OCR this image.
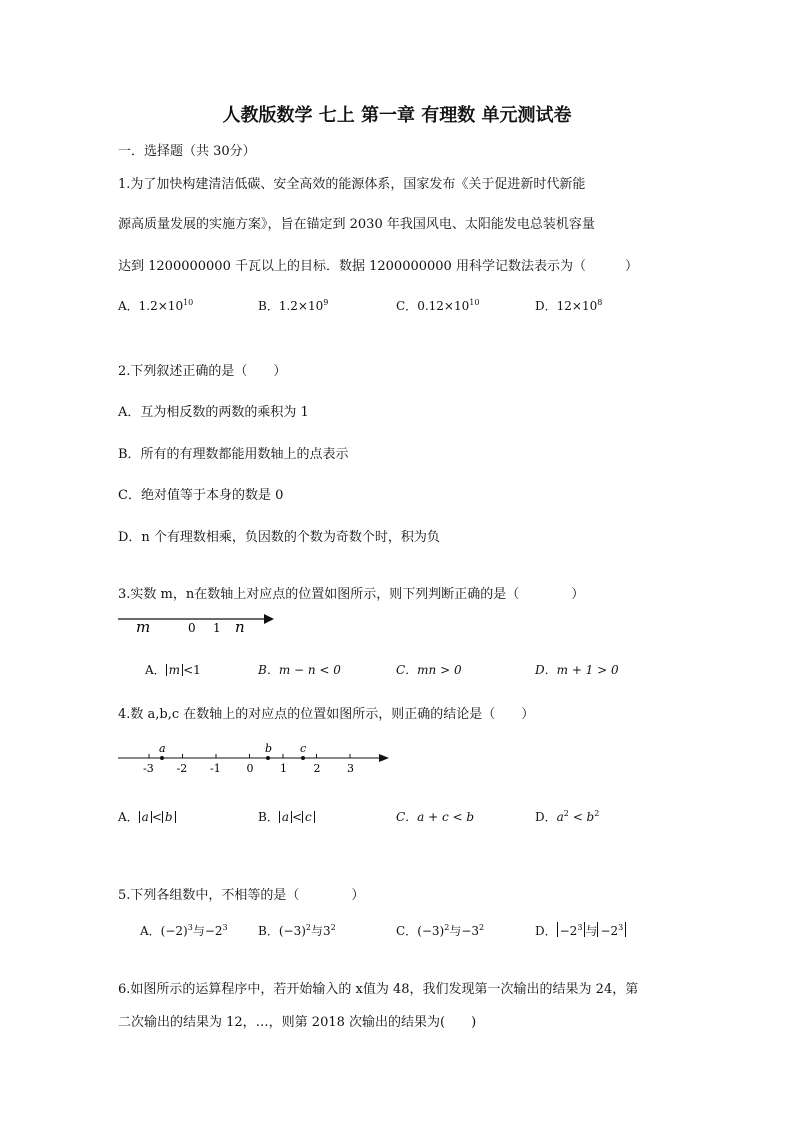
人教版数学 七上 第一章 有理数 单元测试卷
一．选择题（共 30分）
1.为了加快构建清洁低碳、安全高效的能源体系，国家发布《关于促进新时代新能
源高质量发展的实施方案》，旨在锚定到 2030 年我国风电、太阳能发电总装机容量
达到 1200000000 千瓦以上的目标．数据 1200000000 用科学记数法表示为（　　　）
A．$1.2\times 10^{10}$	B．$1.2\times 10^9$	C．$0.12\times 10^{10}$	D．$12\times 10^8$
2.下列叙述正确的是（　　）
A．互为相反数的两数的乘积为 1
B．所有的有理数都能用数轴上的点表示
C．绝对值等于本身的数是 0
D．n 个有理数相乘，负因数的个数为奇数个时，积为负
3.实数 m，n在数轴上对应点的位置如图所示，则下列判断正确的是（　　　　）
m	0 1 n
A． m <1	B．m − n < 0	C．mn > 0	D．m + 1 > 0
4.数 a,b,c 在数轴上的对应点的位置如图所示，则正确的结论是（　　）
-3 -2 -1 0 1 2 3
a	b	c
A． a < b	B． a < c	C．a + c < b	D．$a^2 < b^2$
5.下列各组数中，不相等的是（　　　　）
A．$(-2)^3$与$-2^3$	B．$(-3)^2$与$3^2$	C．$(-3)^2$与$-3^2$	D． $-2^3$ 与 $-2^3$
6.如图所示的运算程序中，若开始输入的 x值为 48，我们发现第一次输出的结果为 24，第
二次输出的结果为 12，…，则第 2018 次输出的结果为(　　)
